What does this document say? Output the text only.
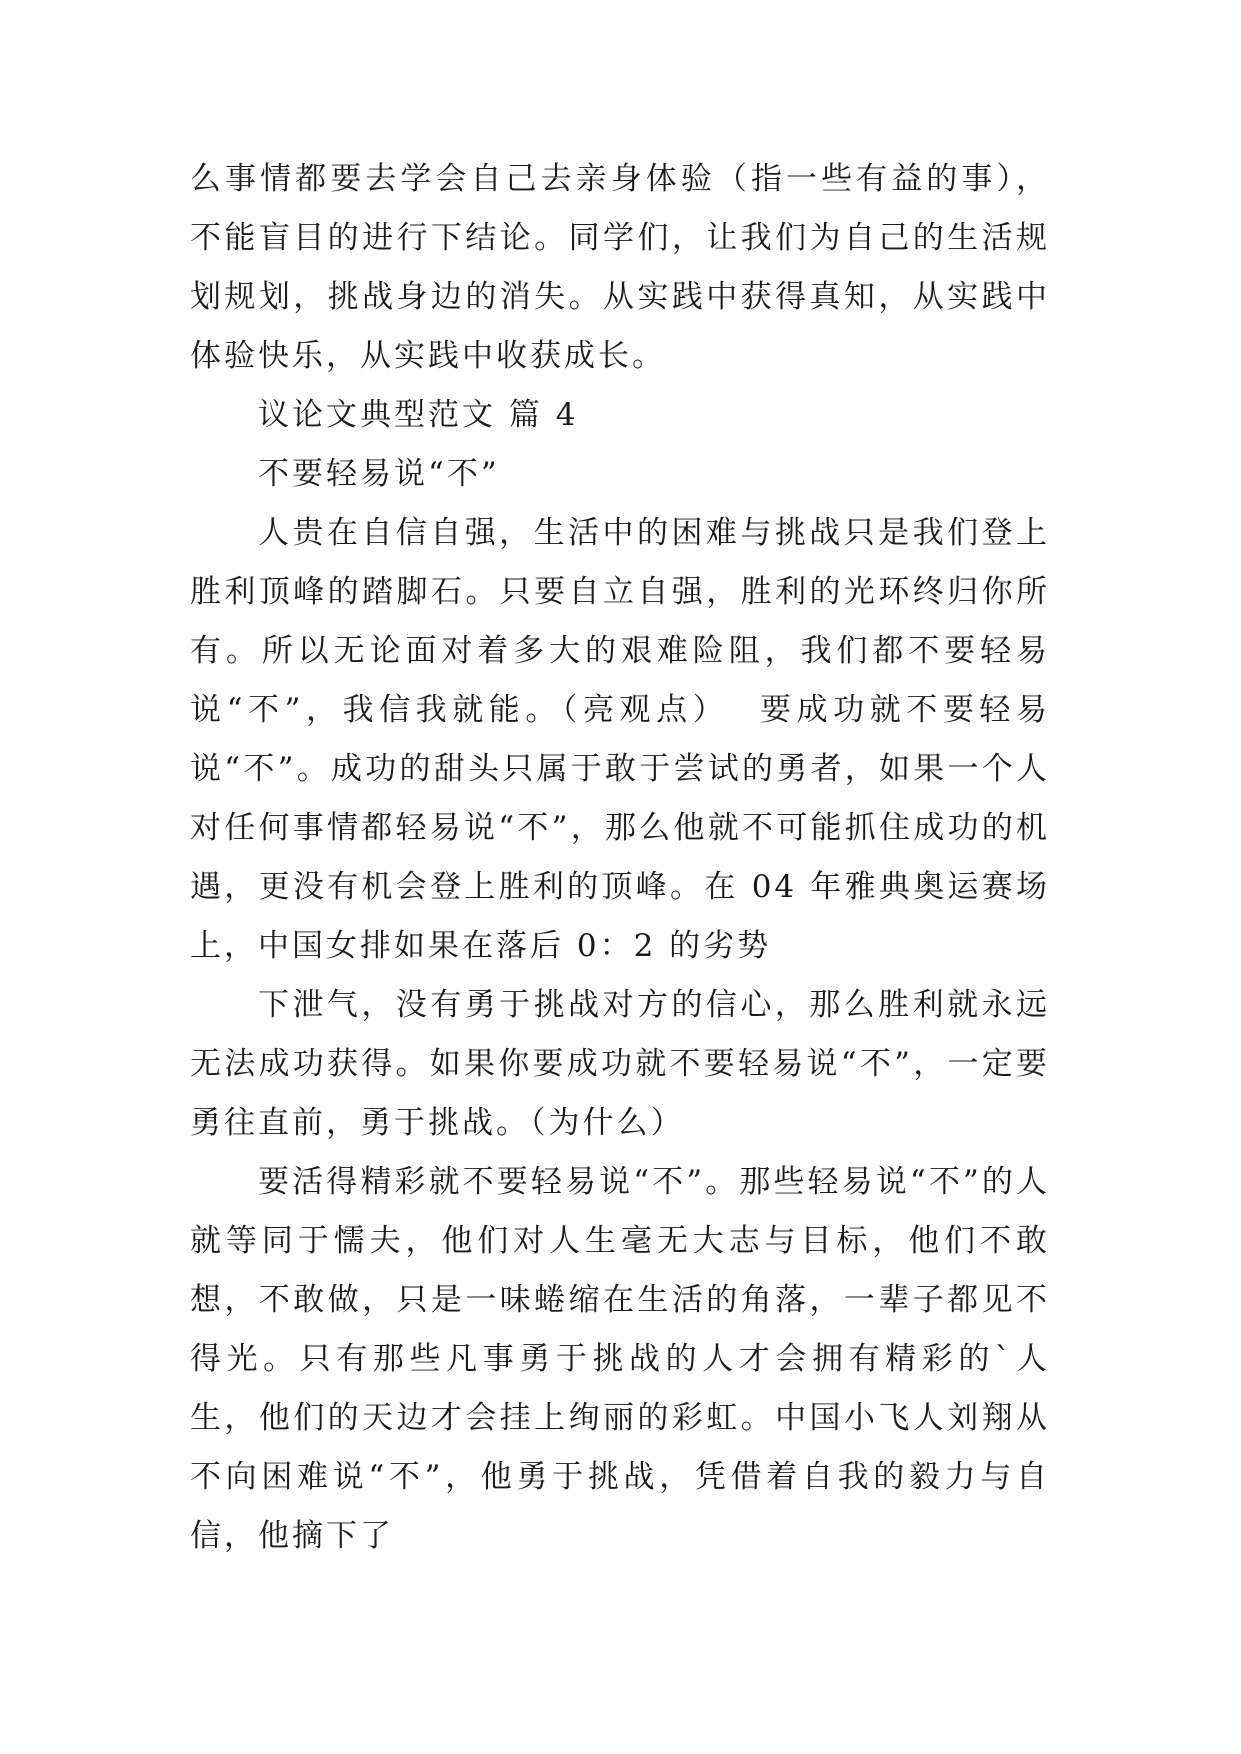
么事情都要去学会自己去亲身体验（指一些有益的事），不能盲目的进行下结论。同学们，让我们为自己的生活规划规划，挑战身边的消失。从实践中获得真知，从实践中体验快乐，从实践中收获成长。

议论文典型范文 篇 4

不要轻易说“不”

人贵在自信自强，生活中的困难与挑战只是我们登上胜利顶峰的踏脚石。只要自立自强，胜利的光环终归你所有。所以无论面对着多大的艰难险阻，我们都不要轻易说“不”，我信我就能。（亮观点）  要成功就不要轻易说“不”。成功的甜头只属于敢于尝试的勇者，如果一个人对任何事情都轻易说“不”，那么他就不可能抓住成功的机遇，更没有机会登上胜利的顶峰。在 04 年雅典奥运赛场上，中国女排如果在落后 0：2 的劣势

下泄气，没有勇于挑战对方的信心，那么胜利就永远无法成功获得。如果你要成功就不要轻易说“不”，一定要勇往直前，勇于挑战。（为什么）

要活得精彩就不要轻易说“不”。那些轻易说“不”的人就等同于懦夫，他们对人生毫无大志与目标，他们不敢想，不敢做，只是一味蜷缩在生活的角落，一辈子都见不得光。只有那些凡事勇于挑战的人才会拥有精彩的`人生，他们的天边才会挂上绚丽的彩虹。中国小飞人刘翔从不向困难说“不”，他勇于挑战，凭借着自我的毅力与自信，他摘下了
